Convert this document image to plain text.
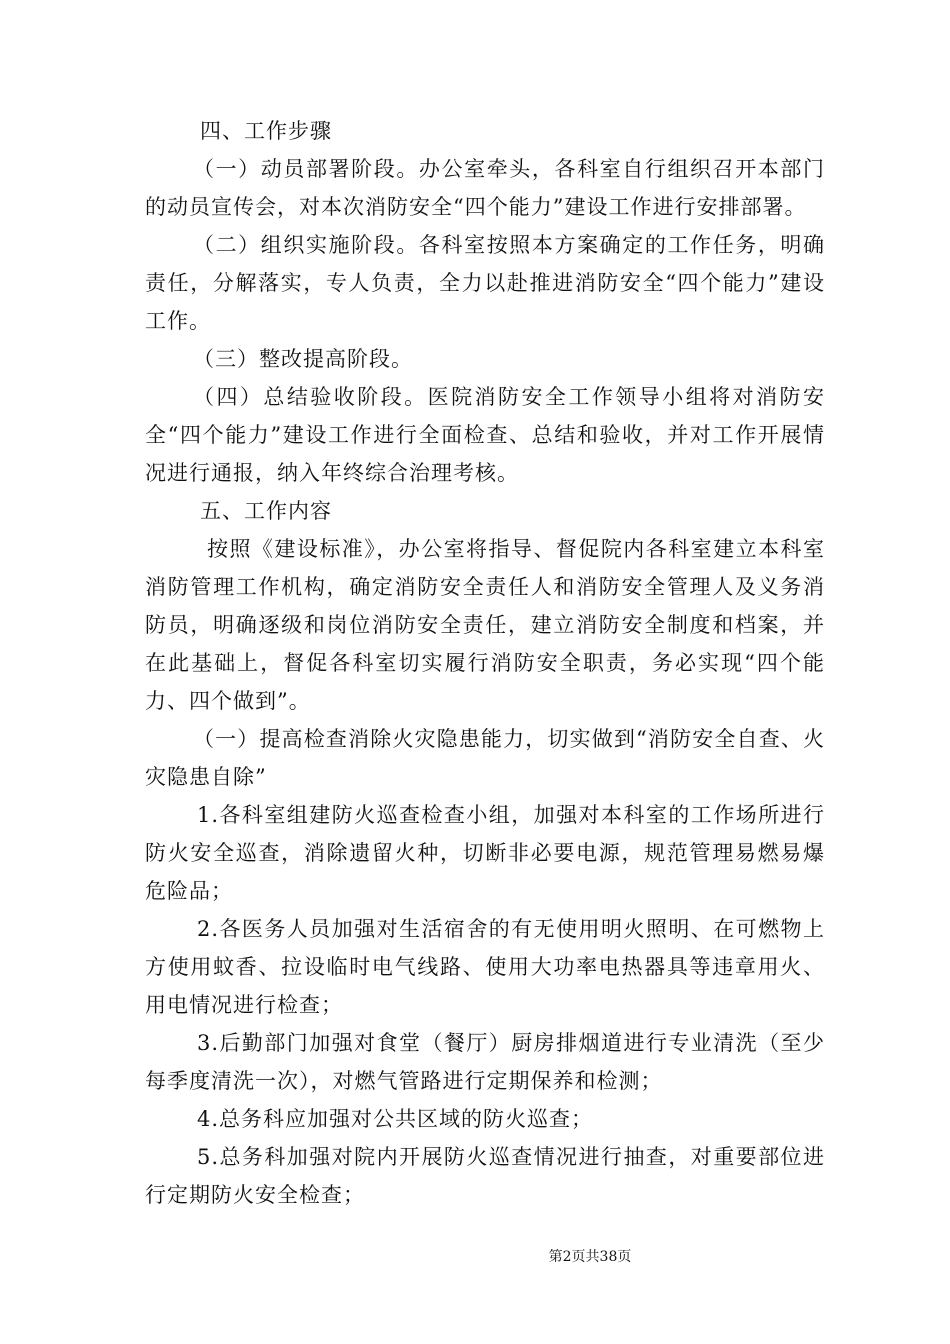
四、工作步骤

（一）动员部署阶段。办公室牵头，各科室自行组织召开本部门的动员宣传会，对本次消防安全“四个能力”建设工作进行安排部署。

（二）组织实施阶段。各科室按照本方案确定的工作任务，明确责任，分解落实，专人负责，全力以赴推进消防安全“四个能力”建设工作。

（三）整改提高阶段。

（四）总结验收阶段。医院消防安全工作领导小组将对消防安全“四个能力”建设工作进行全面检查、总结和验收，并对工作开展情况进行通报，纳入年终综合治理考核。

五、工作内容

按照《建设标准》，办公室将指导、督促院内各科室建立本科室消防管理工作机构，确定消防安全责任人和消防安全管理人及义务消防员，明确逐级和岗位消防安全责任，建立消防安全制度和档案，并在此基础上，督促各科室切实履行消防安全职责，务必实现“四个能力、四个做到”。

（一）提高检查消除火灾隐患能力，切实做到“消防安全自查、火灾隐患自除”

1.各科室组建防火巡查检查小组，加强对本科室的工作场所进行防火安全巡查，消除遗留火种，切断非必要电源，规范管理易燃易爆危险品；

2.各医务人员加强对生活宿舍的有无使用明火照明、在可燃物上方使用蚊香、拉设临时电气线路、使用大功率电热器具等违章用火、用电情况进行检查；

3.后勤部门加强对食堂（餐厅）厨房排烟道进行专业清洗（至少每季度清洗一次），对燃气管路进行定期保养和检测；

4.总务科应加强对公共区域的防火巡查；

5.总务科加强对院内开展防火巡查情况进行抽查，对重要部位进行定期防火安全检查；

第2页共38页
